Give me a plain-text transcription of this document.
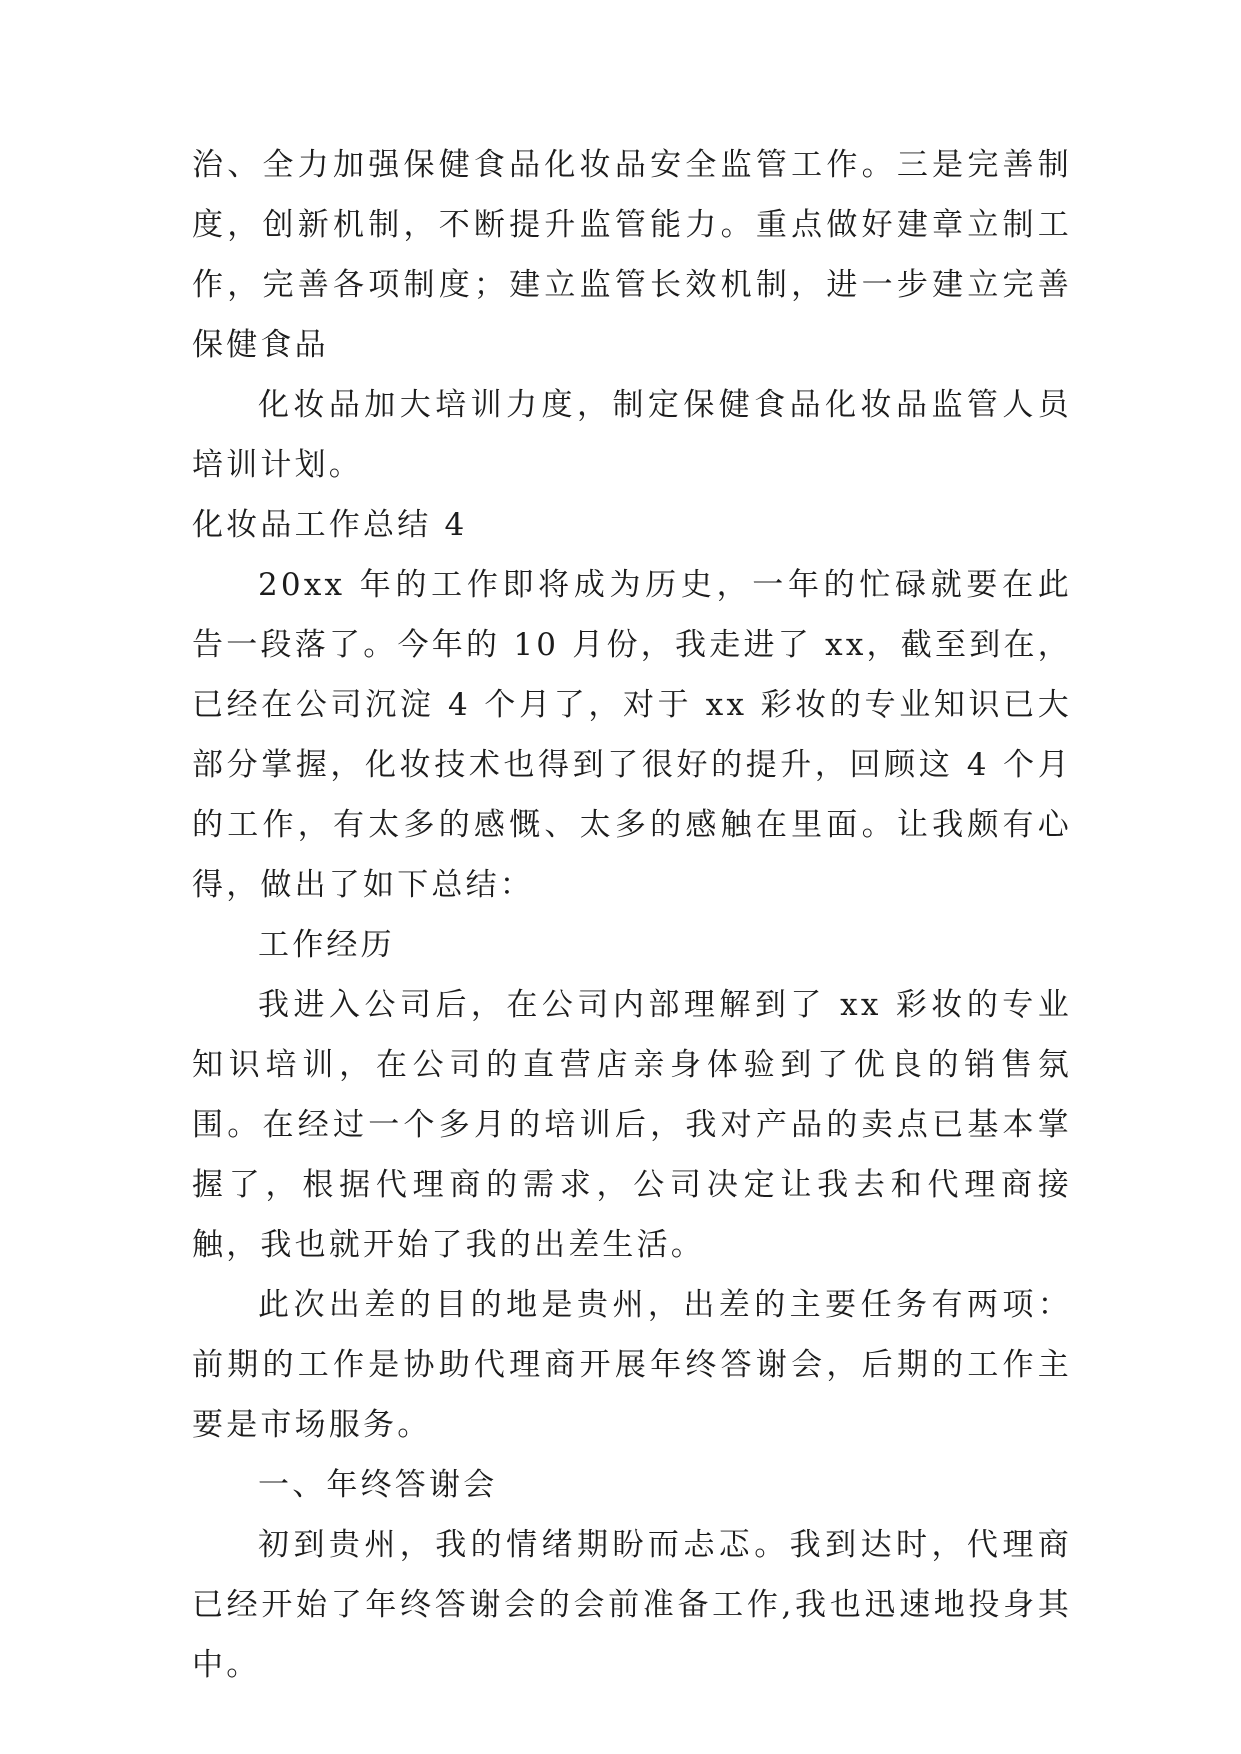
治、全力加强保健食品化妆品安全监管工作。三是完善制度，创新机制，不断提升监管能力。重点做好建章立制工作，完善各项制度；建立监管长效机制，进一步建立完善保健食品

化妆品加大培训力度，制定保健食品化妆品监管人员培训计划。

化妆品工作总结 4

20xx 年的工作即将成为历史，一年的忙碌就要在此告一段落了。今年的 10 月份，我走进了 xx，截至到在，已经在公司沉淀 4 个月了，对于 xx 彩妆的专业知识已大部分掌握，化妆技术也得到了很好的提升，回顾这 4 个月的工作，有太多的感慨、太多的感触在里面。让我颇有心得，做出了如下总结：

工作经历

我进入公司后，在公司内部理解到了 xx 彩妆的专业知识培训，在公司的直营店亲身体验到了优良的销售氛围。在经过一个多月的培训后，我对产品的卖点已基本掌握了，根据代理商的需求，公司决定让我去和代理商接触，我也就开始了我的出差生活。

此次出差的目的地是贵州，出差的主要任务有两项：前期的工作是协助代理商开展年终答谢会，后期的工作主要是市场服务。

一、年终答谢会

初到贵州，我的情绪期盼而忐忑。我到达时，代理商已经开始了年终答谢会的会前准备工作,我也迅速地投身其中。
